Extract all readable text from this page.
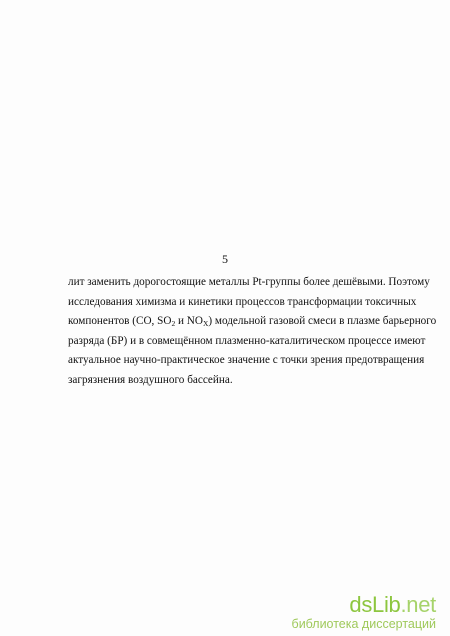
5
лит заменить дорогостоящие металлы Pt-группы более дешёвыми. Поэтому
исследования химизма и кинетики процессов трансформации токсичных
компонентов (СО, $SO_2$ и $NO_X$) модельной газовой смеси в плазме барьерного
разряда (БР) и в совмещённом плазменно-каталитическом процессе имеют
актуальное научно-практическое значение с точки зрения предотвращения
загрязнения воздушного бассейна.
dsLib.net
библиотека диссертаций
